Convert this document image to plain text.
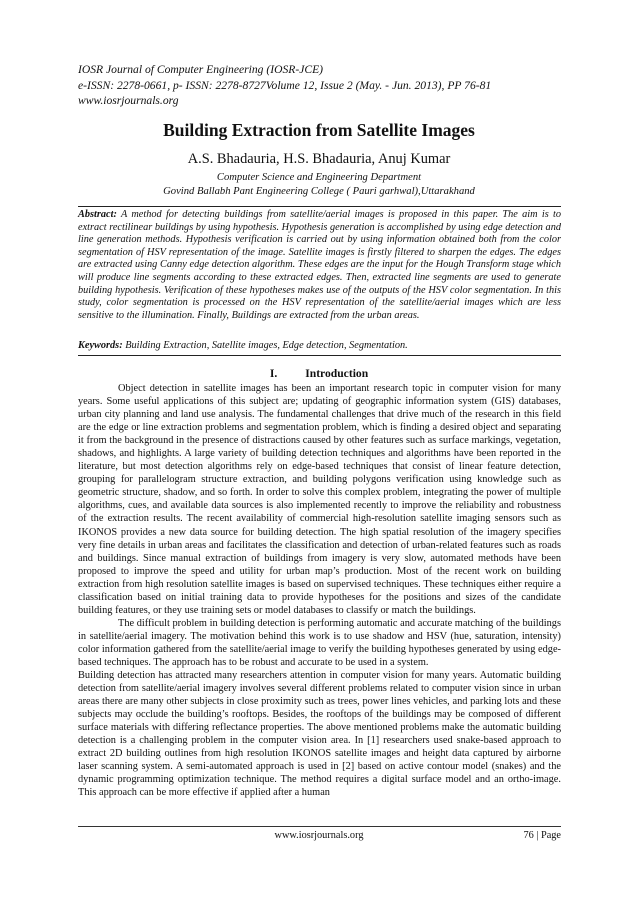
IOSR Journal of Computer Engineering (IOSR-JCE)
e-ISSN: 2278-0661, p- ISSN: 2278-8727Volume 12, Issue 2 (May. - Jun. 2013), PP 76-81
www.iosrjournals.org
Building Extraction from Satellite Images
A.S. Bhadauria, H.S. Bhadauria, Anuj Kumar
Computer Science and Engineering Department
Govind Ballabh Pant Engineering College ( Pauri garhwal),Uttarakhand
Abstract: A method for detecting buildings from satellite/aerial images is proposed in this paper. The aim is to extract rectilinear buildings by using hypothesis. Hypothesis generation is accomplished by using edge detection and line generation methods. Hypothesis verification is carried out by using information obtained both from the color segmentation of HSV representation of the image. Satellite images is firstly filtered to sharpen the edges. The edges are extracted using Canny edge detection algorithm. These edges are the input for the Hough Transform stage which will produce line segments according to these extracted edges. Then, extracted line segments are used to generate building hypothesis. Verification of these hypotheses makes use of the outputs of the HSV color segmentation. In this study, color segmentation is processed on the HSV representation of the satellite/aerial images which are less sensitive to the illumination. Finally, Buildings are extracted from the urban areas.
Keywords: Building Extraction, Satellite images, Edge detection, Segmentation.
I. Introduction

Object detection in satellite images has been an important research topic in computer vision for many years. Some useful applications of this subject are; updating of geographic information system (GIS) databases, urban city planning and land use analysis. The fundamental challenges that drive much of the research in this field are the edge or line extraction problems and segmentation problem, which is finding a desired object and separating it from the background in the presence of distractions caused by other features such as surface markings, vegetation, shadows, and highlights. A large variety of building detection techniques and algorithms have been reported in the literature, but most detection algorithms rely on edge-based techniques that consist of linear feature detection, grouping for parallelogram structure extraction, and building polygons verification using knowledge such as geometric structure, shadow, and so forth. In order to solve this complex problem, integrating the power of multiple algorithms, cues, and available data sources is also implemented recently to improve the reliability and robustness of the extraction results. The recent availability of commercial high-resolution satellite imaging sensors such as IKONOS provides a new data source for building detection. The high spatial resolution of the imagery specifies very fine details in urban areas and facilitates the classification and detection of urban-related features such as roads and buildings. Since manual extraction of buildings from imagery is very slow, automated methods have been proposed to improve the speed and utility for urban map’s production. Most of the recent work on building extraction from high resolution satellite images is based on supervised techniques. These techniques either require a classification based on initial training data to provide hypotheses for the positions and sizes of the candidate building features, or they use training sets or model databases to classify or match the buildings.

The difficult problem in building detection is performing automatic and accurate matching of the buildings in satellite/aerial imagery. The motivation behind this work is to use shadow and HSV (hue, saturation, intensity) color information gathered from the satellite/aerial image to verify the building hypotheses generated by using edge-based techniques. The approach has to be robust and accurate to be used in a system.

Building detection has attracted many researchers attention in computer vision for many years. Automatic building detection from satellite/aerial imagery involves several different problems related to computer vision since in urban areas there are many other subjects in close proximity such as trees, power lines vehicles, and parking lots and these subjects may occlude the building’s rooftops. Besides, the rooftops of the buildings may be composed of different surface materials with differing reflectance properties. The above mentioned problems make the automatic building detection is a challenging problem in the computer vision area. In [1] researchers used snake-based approach to extract 2D building outlines from high resolution IKONOS satellite images and height data captured by airborne laser scanning system. A semi-automated approach is used in [2] based on active contour model (snakes) and the dynamic programming optimization technique. The method requires a digital surface model and an ortho-image. This approach can be more effective if applied after a human

www.iosrjournals.org	76 | Page
